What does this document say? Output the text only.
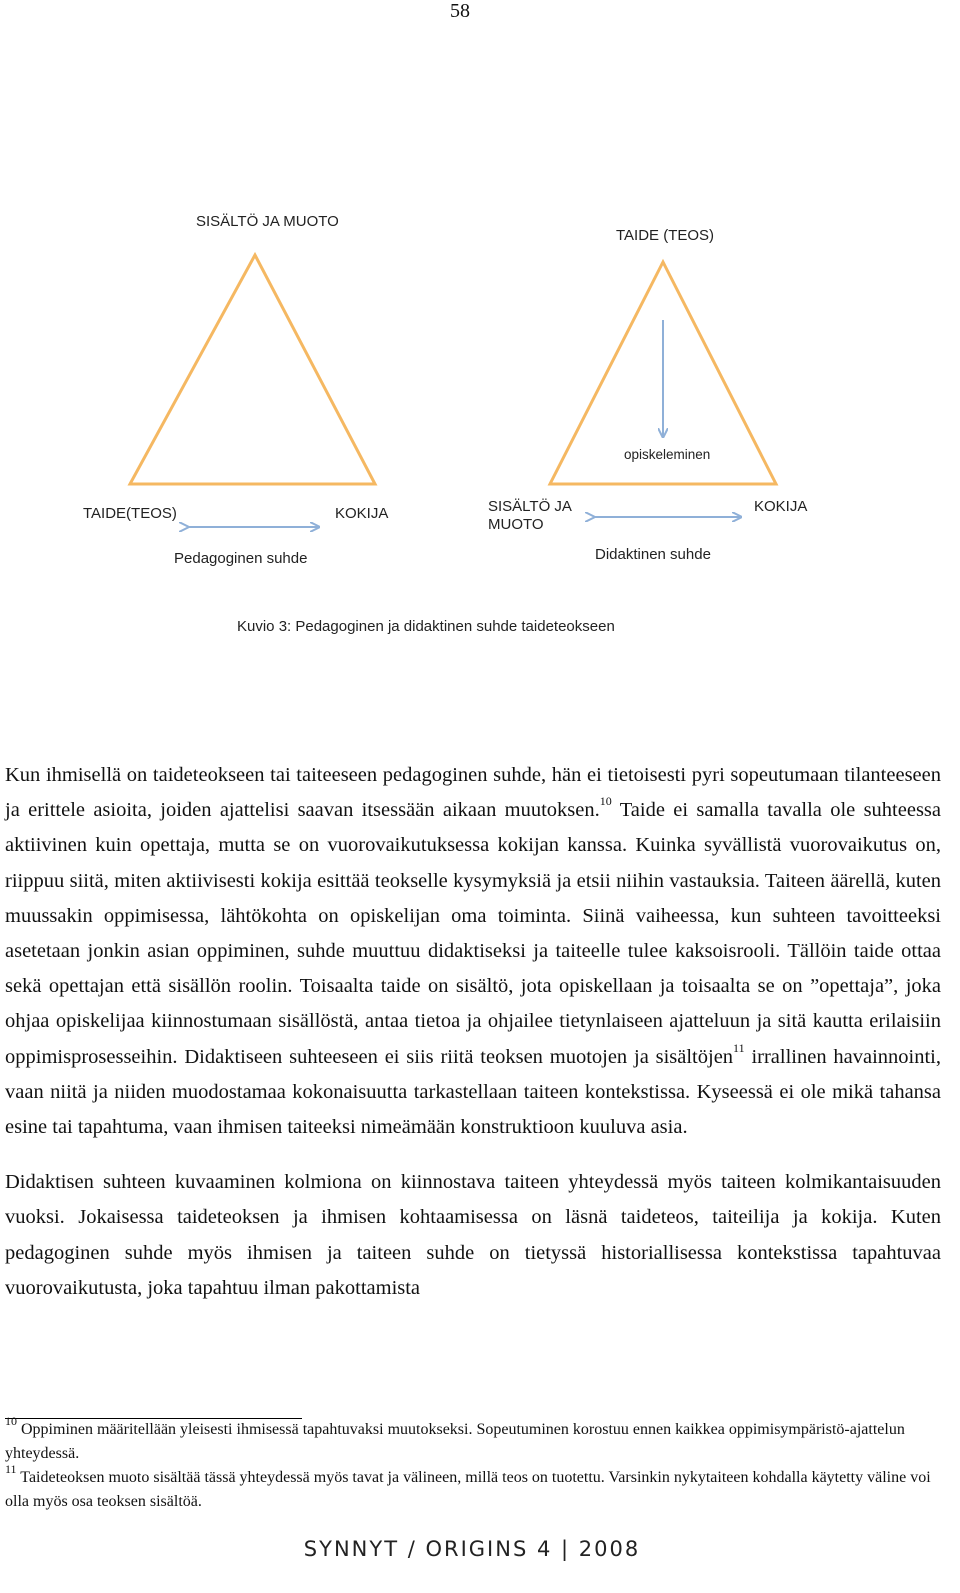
58
SISÄLTÖ JA MUOTO
TAIDE(TEOS)	KOKIJA
Pedagoginen suhde
TAIDE (TEOS)
opiskeleminen
SISÄLTÖ JA
MUOTO
KOKIJA
Didaktinen suhde
Kuvio 3: Pedagoginen ja didaktinen suhde taideteokseen

Kun ihmisellä on taideteokseen tai taiteeseen pedagoginen suhde, hän ei tietoisesti pyri sopeutumaan tilanteeseen ja erittele asioita, joiden ajattelisi saavan itsessään aikaan muutoksen.$^{10}$ Taide ei samalla tavalla ole suhteessa aktiivinen kuin opettaja, mutta se on vuorovaikutuksessa kokijan kanssa. Kuinka syvällistä vuorovaikutus on, riippuu siitä, miten aktiivisesti kokija esittää teokselle kysymyksiä ja etsii niihin vastauksia. Taiteen äärellä, kuten muussakin oppimisessa, lähtökohta on opiskelijan oma toiminta. Siinä vaiheessa, kun suhteen tavoitteeksi asetetaan jonkin asian oppiminen, suhde muuttuu didaktiseksi ja taiteelle tulee kaksoisrooli. Tällöin taide ottaa sekä opettajan että sisällön roolin. Toisaalta taide on sisältö, jota opiskellaan ja toisaalta se on ”opettaja”, joka ohjaa opiskelijaa kiinnostumaan sisällöstä, antaa tietoa ja ohjailee tietynlaiseen ajatteluun ja sitä kautta erilaisiin oppimisprosesseihin. Didaktiseen suhteeseen ei siis riitä teoksen muotojen ja sisältöjen$^{11}$ irrallinen havainnointi, vaan niitä ja niiden muodostamaa kokonaisuutta tarkastellaan taiteen kontekstissa. Kyseessä ei ole mikä tahansa esine tai tapahtuma, vaan ihmisen taiteeksi nimeämään konstruktioon kuuluva asia.

Didaktisen suhteen kuvaaminen kolmiona on kiinnostava taiteen yhteydessä myös taiteen kolmikantaisuuden vuoksi. Jokaisessa taideteoksen ja ihmisen kohtaamisessa on läsnä taideteos, taiteilija ja kokija. Kuten pedagoginen suhde myös ihmisen ja taiteen suhde on tietyssä historiallisessa kontekstissa tapahtuvaa vuorovaikutusta, joka tapahtuu ilman pakottamista

$^{10}$ Oppiminen määritellään yleisesti ihmisessä tapahtuvaksi muutokseksi. Sopeutuminen korostuu ennen kaikkea oppimisympäristö-ajattelun yhteydessä.

$^{11}$ Taideteoksen muoto sisältää tässä yhteydessä myös tavat ja välineen, millä teos on tuotettu. Varsinkin nykytaiteen kohdalla käytetty väline voi olla myös osa teoksen sisältöä.

SYNNYT / ORIGINS 4 | 2008
